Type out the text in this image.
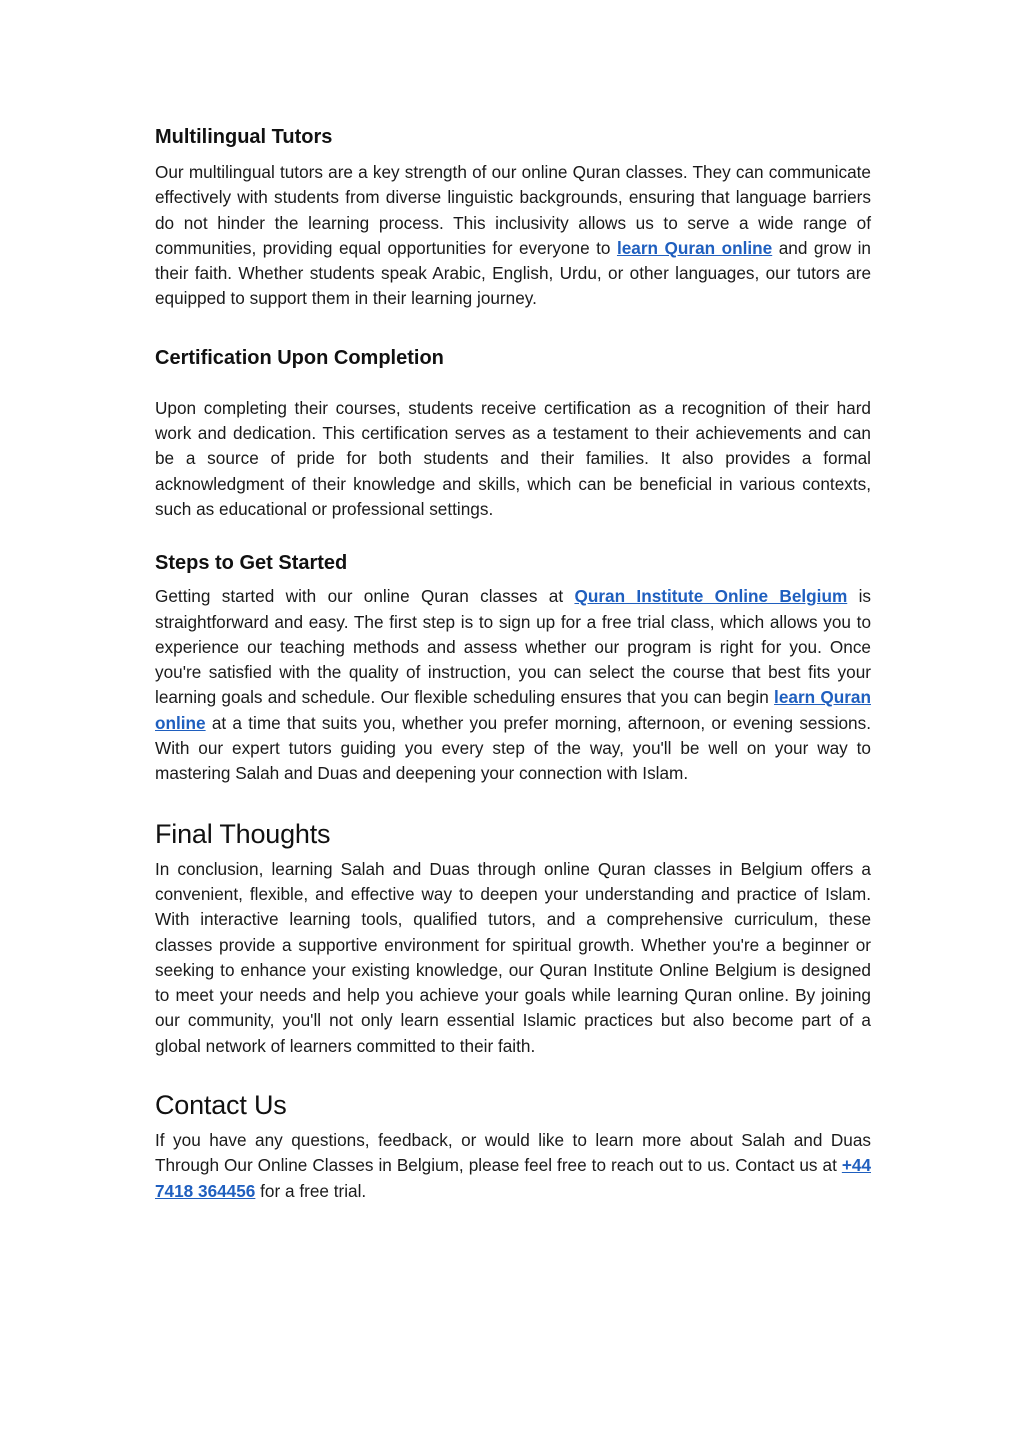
Multilingual Tutors

Our multilingual tutors are a key strength of our online Quran classes. They can communicate effectively with students from diverse linguistic backgrounds, ensuring that language barriers do not hinder the learning process. This inclusivity allows us to serve a wide range of communities, providing equal opportunities for everyone to learn Quran online and grow in their faith. Whether students speak Arabic, English, Urdu, or other languages, our tutors are equipped to support them in their learning journey.

Certification Upon Completion

Upon completing their courses, students receive certification as a recognition of their hard work and dedication. This certification serves as a testament to their achievements and can be a source of pride for both students and their families. It also provides a formal acknowledgment of their knowledge and skills, which can be beneficial in various contexts, such as educational or professional settings.

Steps to Get Started

Getting started with our online Quran classes at Quran Institute Online Belgium is straightforward and easy. The first step is to sign up for a free trial class, which allows you to experience our teaching methods and assess whether our program is right for you. Once you're satisfied with the quality of instruction, you can select the course that best fits your learning goals and schedule. Our flexible scheduling ensures that you can begin learn Quran online at a time that suits you, whether you prefer morning, afternoon, or evening sessions. With our expert tutors guiding you every step of the way, you'll be well on your way to mastering Salah and Duas and deepening your connection with Islam.

Final Thoughts

In conclusion, learning Salah and Duas through online Quran classes in Belgium offers a convenient, flexible, and effective way to deepen your understanding and practice of Islam. With interactive learning tools, qualified tutors, and a comprehensive curriculum, these classes provide a supportive environment for spiritual growth. Whether you're a beginner or seeking to enhance your existing knowledge, our Quran Institute Online Belgium is designed to meet your needs and help you achieve your goals while learning Quran online. By joining our community, you'll not only learn essential Islamic practices but also become part of a global network of learners committed to their faith.

Contact Us

If you have any questions, feedback, or would like to learn more about Salah and Duas Through Our Online Classes in Belgium, please feel free to reach out to us. Contact us at +44 7418 364456 for a free trial.
